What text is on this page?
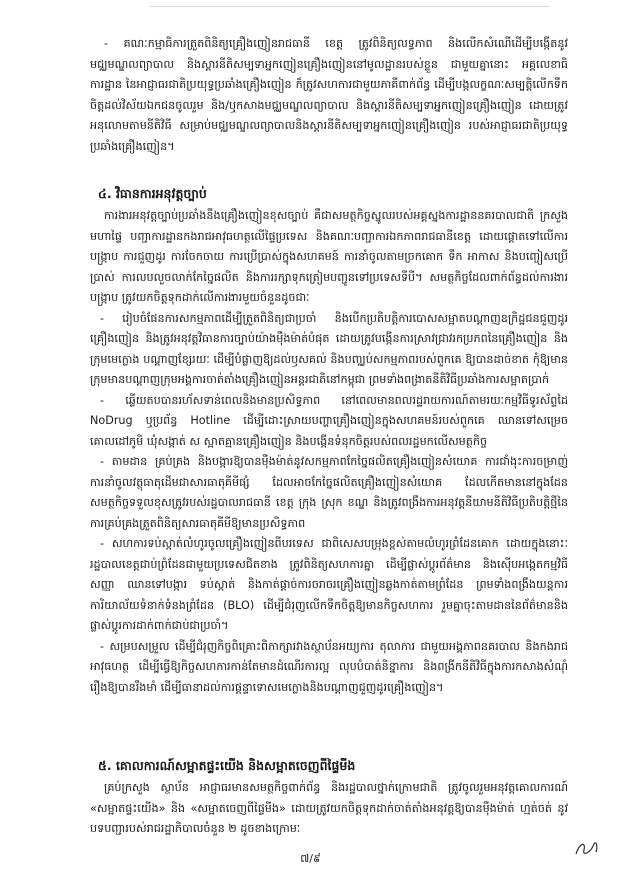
- គណៈកម្មាធិការត្រួតពិនិត្យគ្រឿងញៀនរាជធានី ខេត្ត ត្រូវពិនិត្យលទ្ធភាព និងលើកសំណើដើម្បីបង្កើតនូវមជ្ឈមណ្ឌលព្យាបាល និងស្តារនីតិសម្បទាអ្នកញៀនគ្រឿងញៀននៅមូលដ្ឋានរបស់ខ្លួន ជាមួយគ្នានោះ អគ្គលេខាធិការដ្ឋាន នៃអាជ្ញាធរជាតិប្រយុទ្ធប្រឆាំងគ្រឿងញៀន ក៏ត្រូវសហការជាមួយភាគីពាក់ព័ន្ធ ដើម្បីបង្កលក្ខណៈសម្បត្តិលើកទឹកចិត្តដល់វិស័យឯកជនចូលរួម និង/ឬកសាងមជ្ឈមណ្ឌលព្យាបាល និងស្តារនីតិសម្បទាអ្នកញៀនគ្រឿងញៀន ដោយត្រូវអនុលោមតាមនីតិវិធី សម្រាប់មជ្ឈមណ្ឌលព្យាបាលនិងស្តារនីតិសម្បទាអ្នកញៀនគ្រឿងញៀន របស់អាជ្ញាធរជាតិប្រយុទ្ធប្រឆាំងគ្រឿងញៀន។
៤. វិធានការអនុវត្តច្បាប់
ការងារអនុវត្តច្បាប់ប្រឆាំងនឹងគ្រឿងញៀនខុសច្បាប់ គឺជាសមត្ថកិច្ចស្នូលរបស់អគ្គស្នងការដ្ឋាននគរបាលជាតិ ក្រសួងមហាផ្ទៃ បញ្ជាការដ្ឋានកងរាជអាវុធហត្ថលើផ្ទៃប្រទេស និងគណៈបញ្ជាការឯកភាពរាជធានីខេត្ត ដោយផ្តោតទៅលើការបង្ក្រាប ការជួញដូរ ការចែកចាយ ការប្រើប្រាស់ក្នុងសហគមន៍ ការនាំចូលតាមច្រកគោក ទឹក អាកាស និងបញ្ចៀសប្រើប្រាស់ ការលបលួចលាក់កែច្នៃផលិត និងការរក្សាទុកត្រៀមបញ្ជូនទៅប្រទេសទីបី។ សមត្ថកិច្ចដែលពាក់ព័ន្ធដល់ការងារបង្ក្រាប ត្រូវយកចិត្តទុកដាក់លើការងារមួយចំនួនដូចជាៈ
- រៀបចំផែនការសកម្មភាពដើម្បីត្រួតពិនិត្យជាប្រចាំ និងបើកប្រតិបត្តិការបោសសម្អាតបណ្តាញឧក្រិដ្ឋជនជួញដូរគ្រឿងញៀន និងត្រូវអនុវត្តវិធានការច្បាប់យ៉ាងម៉ឺងម៉ាត់បំផុត ដោយត្រូវបង្កើនការស្រាវជ្រាវរកប្រភពនៃគ្រឿងញៀន និងក្រុមមេក្លោង បណ្តាញខ្សែរយៈ ដើម្បីបំផ្លាញឱ្យដល់ឫសគល់ និងបញ្ឈប់សកម្មភាពរបស់ពួកគេ ឱ្យបានដាច់ខាត កុំឱ្យមានក្រុមមានបណ្តាញក្រុមអង្គការចាត់តាំងគ្រឿងញៀនអន្តរជាតិនៅកម្ពុជា ព្រមទាំងពង្រាតនីតិវិធីប្រឆាំងការសម្អាតប្រាក់
- ឆ្លើយតបបានរហ័សទាន់ពេលនិងមានប្រសិទ្ធភាព នៅពេលមានពលរដ្ឋរាយការណ៍តាមរយៈកម្មវិធីទូរស័ព្ទដៃ NoDrug ឬប្រព័ន្ធ Hotline ដើម្បីដោះស្រាយបញ្ហាគ្រឿងញៀនក្នុងសហគមន៍របស់ពួកគេ ឈានទៅសម្រេចគោលដៅភូមិ ឃុំសង្កាត់ ស ស្អាតគ្មានគ្រឿងញៀន និងបង្កើនទំនុកចិត្តរបស់ពលរដ្ឋមកលើសមត្ថកិច្ច
- តាមដាន គ្រប់គ្រង និងបង្ការឱ្យបានម៉ឺងម៉ាត់នូវសកម្មភាពកែច្នៃផលិតគ្រឿងញៀនសំយោគ ការជាំងុះការចម្រាញ់ ការនាំចូលវត្ថុធាតុដើមជាសារធាតុគីមីផ្សំ ដែលអាចកែច្នៃផលិតគ្រឿងញៀនសំយោគ ដែលកើតមាននៅក្នុងដែនសមត្ថកិច្ចទទួលខុសត្រូវរបស់រដ្ឋបាលរាជធានី ខេត្ត ក្រុង ស្រុក ខណ្ឌ និងត្រូវពង្រឹងការអនុវត្តនីយាមនីតិវិធីប្រតិបត្តិថ្មីនៃការគ្រប់គ្រងត្រួតពិនិត្យសារធាតុគីមីឱ្យមានប្រសិទ្ធភាព
- សហការទប់ស្កាត់លំហូរចូលគ្រឿងញៀនពីបរទេស ជាពិសេសបម្រុងខ្ពស់តាមលំហូរព្រំដែនគោក ដោយក្នុងនោះៈ រដ្ឋបាលខេត្តជាប់ព្រំដែនជាមួយប្រទេសជិតខាង ត្រូវពិនិត្យសហការគ្នា ដើម្បីផ្លាស់ប្តូរព័ត៌មាន និងស៊ើបអង្កេតកម្មវិធីសញ្ញា ឈានទៅបង្ការ ទប់ស្កាត់ និងកាត់ផ្តាច់ការចរាចរគ្រឿងញៀនឆ្លងកាត់តាមព្រំដែន ព្រមទាំងពង្រឹងយន្តការការិយាល័យទំនាក់ទំនងព្រំដែន (BLO) ដើម្បីជំរុញលើកទឹកចិត្តឱ្យមានកិច្ចសហការ រួមគ្នាចុះតាមដាននៃព័ត៌មាននិងផ្លាស់ប្តូរការដាក់ពាក់ជាប់ជាប្រចាំ។
- សម្របសម្រួល ដើម្បីជំរុញកិច្ចពិគ្រោះពិភាក្សារវាងស្ថាប័នអយ្យការ តុលាការ ជាមួយអង្គភាពនគរបាល និងកងរាជអាវុធហត្ថ ដើម្បីធ្វើឱ្យកិច្ចសហការកាន់តែមានដំណើរការល្អ លុបបំបាត់និន្នាការ និងពង្រីកនីតិវិធីក្នុងការកសាងសំណុំរឿងឱ្យបានរឹងមាំ ដើម្បីធានាដល់ការផ្តន្ទាទោសមេក្លោងនិងបណ្តាញជួញដូរគ្រឿងញៀន។
៥. គោលការណ៍សម្អាតផ្ទះយើង និងសម្អាតចេញពីផ្ទៃមីង
គ្រប់ក្រសួង ស្ថាប័ន អាជ្ញាធរមានសមត្ថកិច្ចពាក់ព័ន្ធ និងរដ្ឋបាលថ្នាក់ក្រោមជាតិ ត្រូវចូលរួមអនុវត្តគោលការណ៍ «សម្អាតផ្ទះយើង» និង «សម្អាតចេញពីផ្ទៃមីង» ដោយត្រូវយកចិត្តទុកដាក់ចាត់តាំងអនុវត្តឱ្យបានម៉ឺងម៉ាត់ ហ្មត់ចត់ នូវបទបញ្ជារបស់រាជរដ្ឋាភិបាលចំនួន ២ ដូចខាងក្រោមៈ
៧/៩
